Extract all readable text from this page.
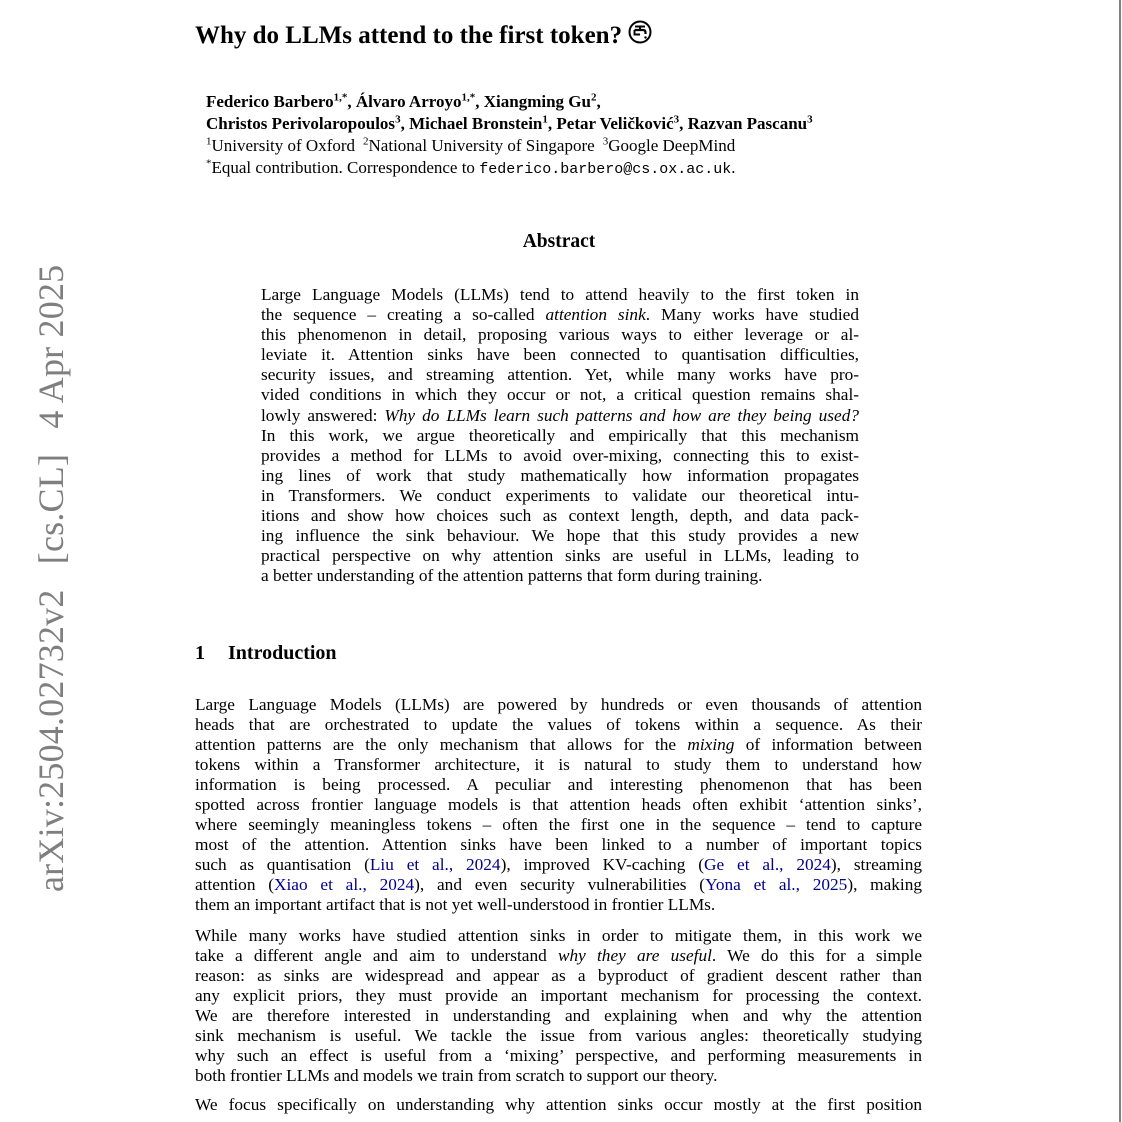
arXiv:2504.02732v2 [cs.CL] 4 Apr 2025
Why do LLMs attend to the first token?
Federico Barbero$^{1,*}$, Álvaro Arroyo$^{1,*}$, Xiangming Gu$^2$,
Christos Perivolaropoulos$^3$, Michael Bronstein$^1$, Petar Veličković$^3$, Razvan Pascanu$^3$
$^1$University of Oxford $^2$National University of Singapore $^3$Google DeepMind
*Equal contribution. Correspondence to federico.barbero@cs.ox.ac.uk.
Abstract
Large Language Models (LLMs) tend to attend heavily to the first token in
the sequence – creating a so-called attention sink. Many works have studied
this phenomenon in detail, proposing various ways to either leverage or al-
leviate it. Attention sinks have been connected to quantisation difficulties,
security issues, and streaming attention. Yet, while many works have pro-
vided conditions in which they occur or not, a critical question remains shal-
lowly answered: Why do LLMs learn such patterns and how are they being used?
In this work, we argue theoretically and empirically that this mechanism
provides a method for LLMs to avoid over-mixing, connecting this to exist-
ing lines of work that study mathematically how information propagates
in Transformers. We conduct experiments to validate our theoretical intu-
itions and show how choices such as context length, depth, and data pack-
ing influence the sink behaviour. We hope that this study provides a new
practical perspective on why attention sinks are useful in LLMs, leading to
a better understanding of the attention patterns that form during training.
1 Introduction
Large Language Models (LLMs) are powered by hundreds or even thousands of attention
heads that are orchestrated to update the values of tokens within a sequence. As their
attention patterns are the only mechanism that allows for the mixing of information between
tokens within a Transformer architecture, it is natural to study them to understand how
information is being processed. A peculiar and interesting phenomenon that has been
spotted across frontier language models is that attention heads often exhibit ‘attention sinks’,
where seemingly meaningless tokens – often the first one in the sequence – tend to capture
most of the attention. Attention sinks have been linked to a number of important topics
such as quantisation (Liu et al., 2024), improved KV-caching (Ge et al., 2024), streaming
attention (Xiao et al., 2024), and even security vulnerabilities (Yona et al., 2025), making
them an important artifact that is not yet well-understood in frontier LLMs.
While many works have studied attention sinks in order to mitigate them, in this work we
take a different angle and aim to understand why they are useful. We do this for a simple
reason: as sinks are widespread and appear as a byproduct of gradient descent rather than
any explicit priors, they must provide an important mechanism for processing the context.
We are therefore interested in understanding and explaining when and why the attention
sink mechanism is useful. We tackle the issue from various angles: theoretically studying
why such an effect is useful from a ‘mixing’ perspective, and performing measurements in
both frontier LLMs and models we train from scratch to support our theory.
We focus specifically on understanding why attention sinks occur mostly at the first position
